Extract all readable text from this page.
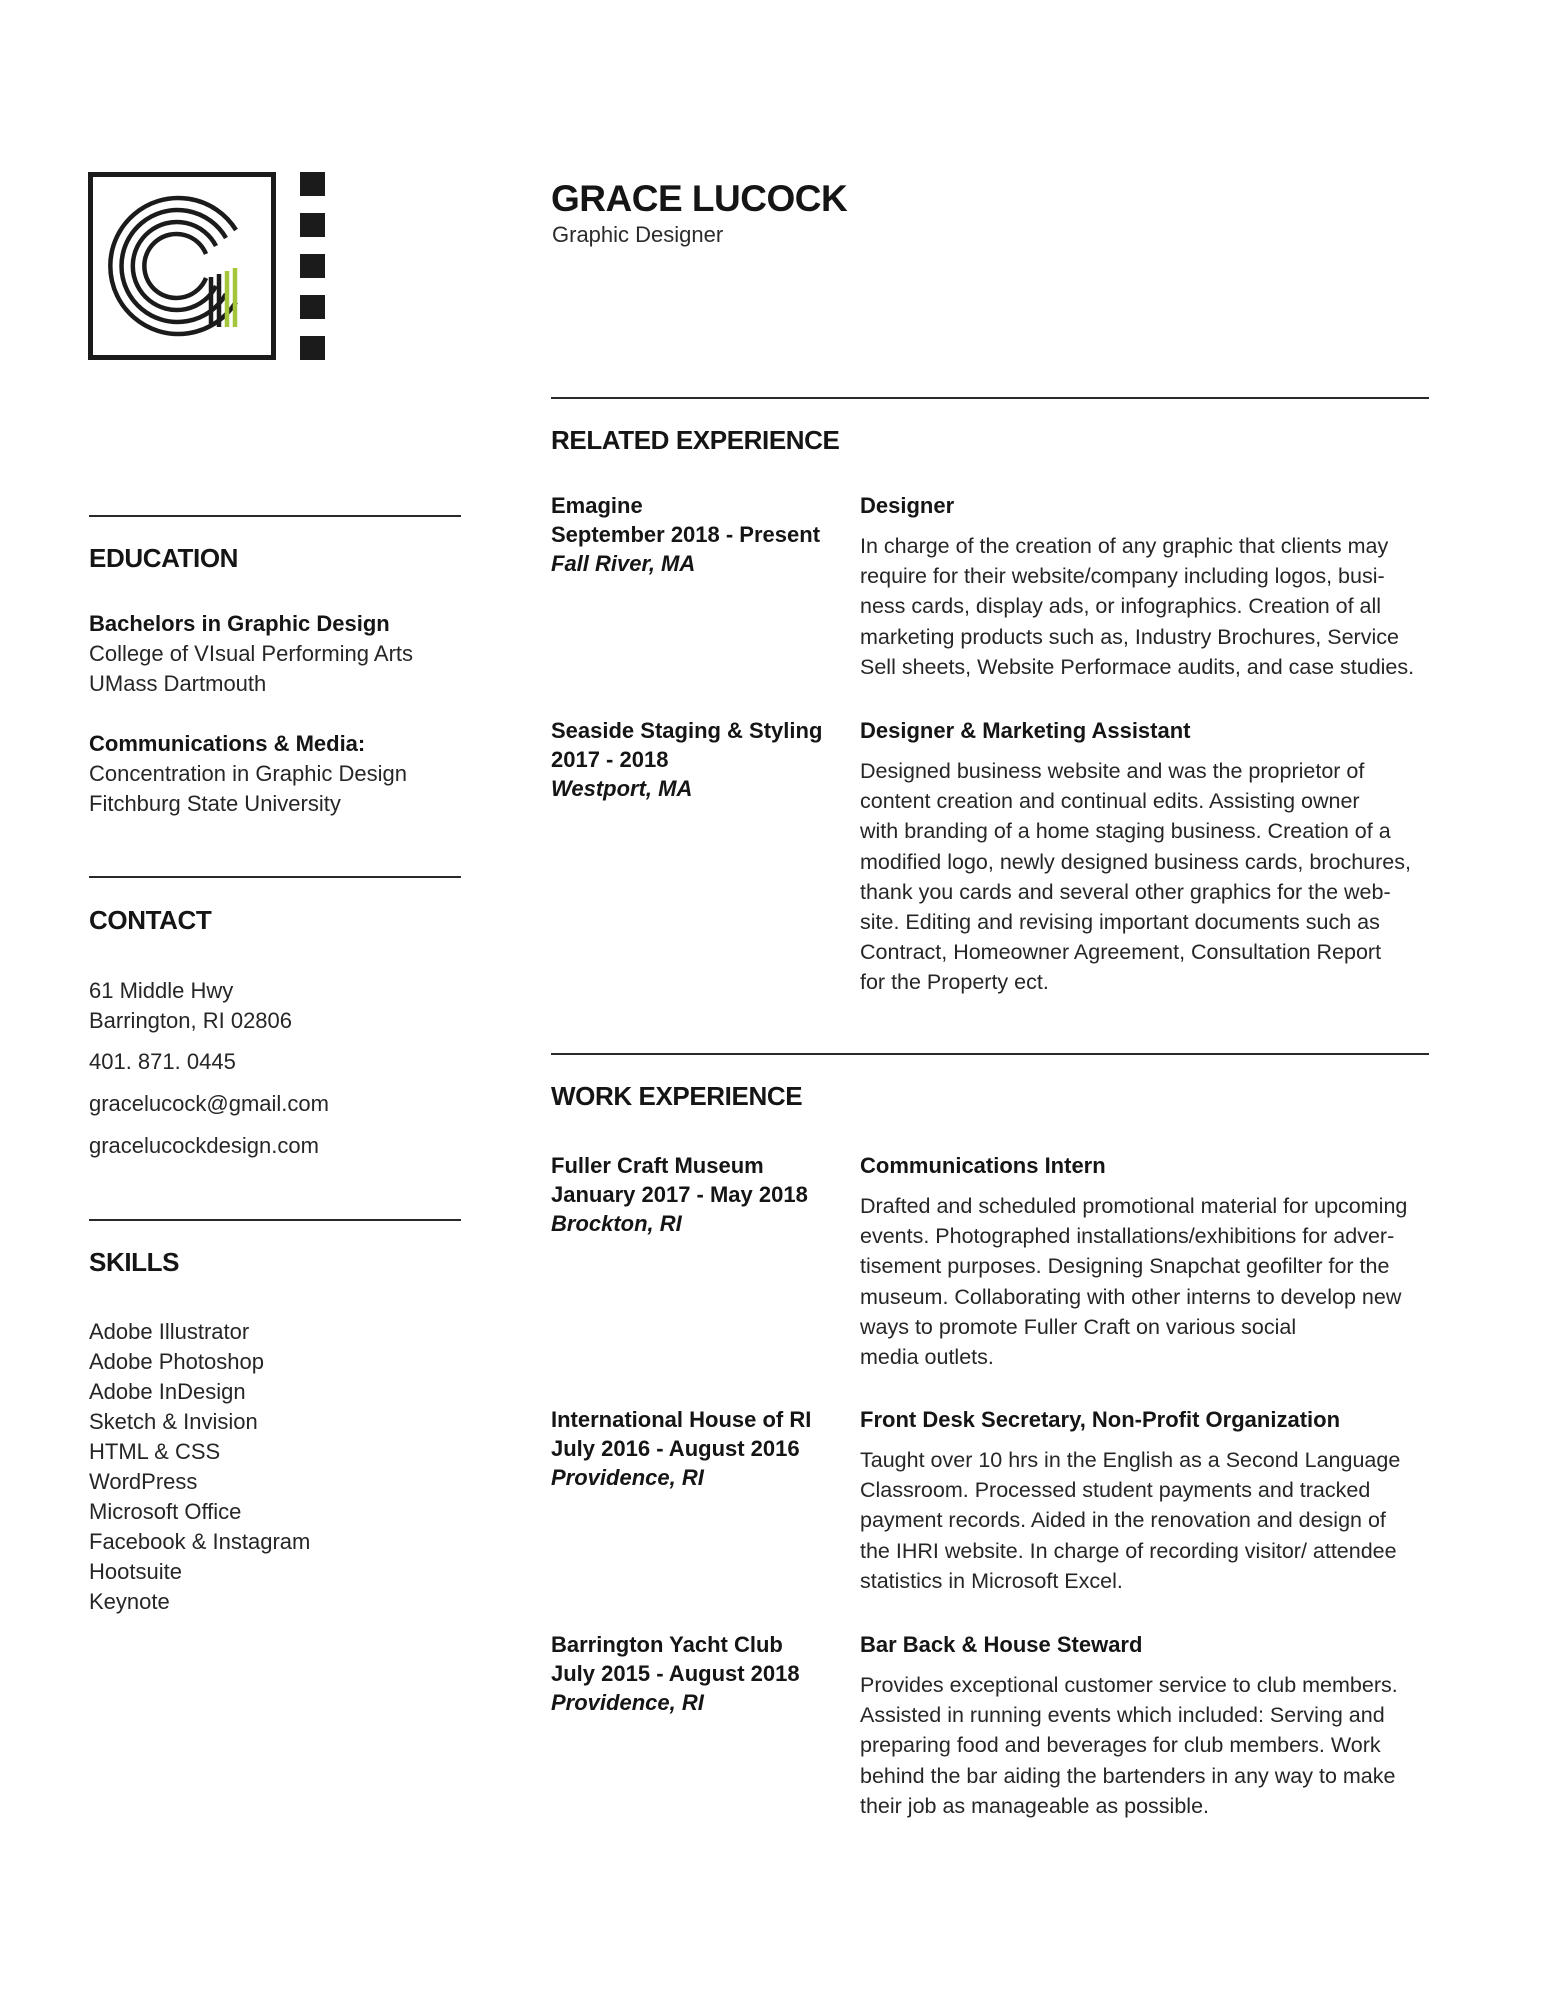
GRACE LUCOCK
Graphic Designer
EDUCATION
Bachelors in Graphic Design
College of VIsual Performing Arts
UMass Dartmouth
Communications & Media:
Concentration in Graphic Design
Fitchburg State University
CONTACT
61 Middle Hwy
Barrington, RI 02806
401. 871. 0445
gracelucock@gmail.com
gracelucockdesign.com
SKILLS
Adobe Illustrator
Adobe Photoshop
Adobe InDesign
Sketch & Invision
HTML & CSS
WordPress
Microsoft Office
Facebook & Instagram
Hootsuite
Keynote
RELATED EXPERIENCE
Emagine
September 2018 - Present
Fall River, MA
Designer
In charge of the creation of any graphic that clients may
require for their website/company including logos, busi-
ness cards, display ads, or infographics. Creation of all
marketing products such as, Industry Brochures, Service
Sell sheets, Website Performace audits, and case studies.
Seaside Staging & Styling
2017 - 2018
Westport, MA
Designer & Marketing Assistant
Designed business website and was the proprietor of
content creation and continual edits. Assisting owner
with branding of a home staging business. Creation of a
modified logo, newly designed business cards, brochures,
thank you cards and several other graphics for the web-
site. Editing and revising important documents such as
Contract, Homeowner Agreement, Consultation Report
for the Property ect.
WORK EXPERIENCE
Fuller Craft Museum
January 2017 - May 2018
Brockton, RI
Communications Intern
Drafted and scheduled promotional material for upcoming
events. Photographed installations/exhibitions for adver-
tisement purposes. Designing Snapchat geofilter for the
museum. Collaborating with other interns to develop new
ways to promote Fuller Craft on various social
media outlets.
International House of RI
July 2016 - August 2016
Providence, RI
Front Desk Secretary, Non-Profit Organization
Taught over 10 hrs in the English as a Second Language
Classroom. Processed student payments and tracked
payment records. Aided in the renovation and design of
the IHRI website. In charge of recording visitor/ attendee
statistics in Microsoft Excel.
Barrington Yacht Club
July 2015 - August 2018
Providence, RI
Bar Back & House Steward
Provides exceptional customer service to club members.
Assisted in running events which included: Serving and
preparing food and beverages for club members. Work
behind the bar aiding the bartenders in any way to make
their job as manageable as possible.
